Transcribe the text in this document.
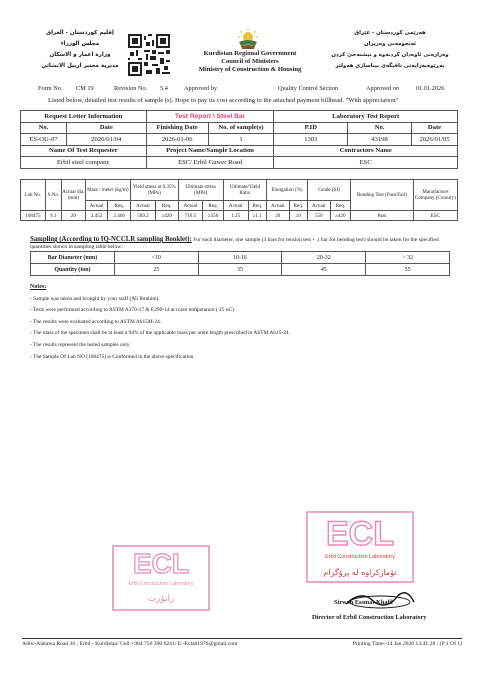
إقليم كوردستان - العراق
مجلس الوزراء
وزارة اعمار و الاسكان
مديرية مختبر اربيل الانشائي
Kurdistan Regional Government
Council of Ministers
Ministry of Construction & Housing
هەرێمی کوردستان - عێراق
ئەنجومەنی وەزیران
وەزارەتی ئاوەدان کردنەوە و نیشتەجێ کردن
بەڕێوەبەرایەتی تاقیگەی بیناسازی هەولێر
Form No.	CM 19	Revision No.	5.4	Approved by	Quality Control Section	Approved on	01.01.2026
Listed below, detailed test results of sample (s). Hope to pay its cost according to the attached payment billhead. "With appreciation"
Request Letter Information		Test Report \ Steel Bar		Laboratory Test Report		
No.	Date	Finishing Date	No. of sample(s)	P.ID	No.	Date
ES-OU-07	2026/01/04	2026-01-06	1	1303	43198	2026/01/05
Name Of Test Requester		Project Name/Sample Location		Contractors Name		
Erbil steel company		ESC/ Erbil Guwer Road		ESC		
Lab No.	S.No.	Actual dia.(mm)	Mass / meter (kg/m)		Yield stress at 0.35%(MPa)		Ultimate stress (MPa)		Ultimate/Yield Ratio		Elongation (%)		Grade (SI)		Bending Test (Pass/Fail)	Manufacture Company (Country)
			Actual	Req.	Actual	Req.	Actual	Req.	Actual	Req.	Actual	Req.	Actual	Req.		
108475	S.1	20	2.452	2.466	569.2	≥420	710.5	≥550	1.25	≥1.1	20	≥9	550	≥420	Pass	ESC
Sampling (According to IQ-NCCLR sampling Booklet): For each diameter, one sample (3 bars for tension test + 1 bar for bending test) should be taken for the specified quantities shown in sampling table below:
Bar Diameter (mm)	<10	10-16	20-32	> 32
Quantity (ton)	25	35	45	55
Notes:
- Sample was taken and brought by your staff (Ali Ibrahim).
- Tests were performed according to ASTM A370-17 & E290-14 at room temperature ( 25 oC).
- The results were evaluated according to ASTM A615M-24.
- The mass of the specimen shall be at least a 94% of the applicable mass per unite length prescribed in ASTM A615-24.
- The results represent the tested samples only.
- The Sample Of Lab NO (108475) is Conformed in the above specification.
ECL
Erbil Construction Laboratory
رابۆرت
ECL
Erbil Construction Laboratory
تۆمارکراوە لە پرۆگرام
Sirwan Essmat Khalil
Director of Erbil Construction Laboratory
Adrs:-Ankawa Road 36 , Erbil - Kurdistan/ Cell:+964 750 300 6241/ E:-Eclab1976@gmail.com	Printing Time:-14 Jan 2026 13:41:28 / (P 1 Of 1)
